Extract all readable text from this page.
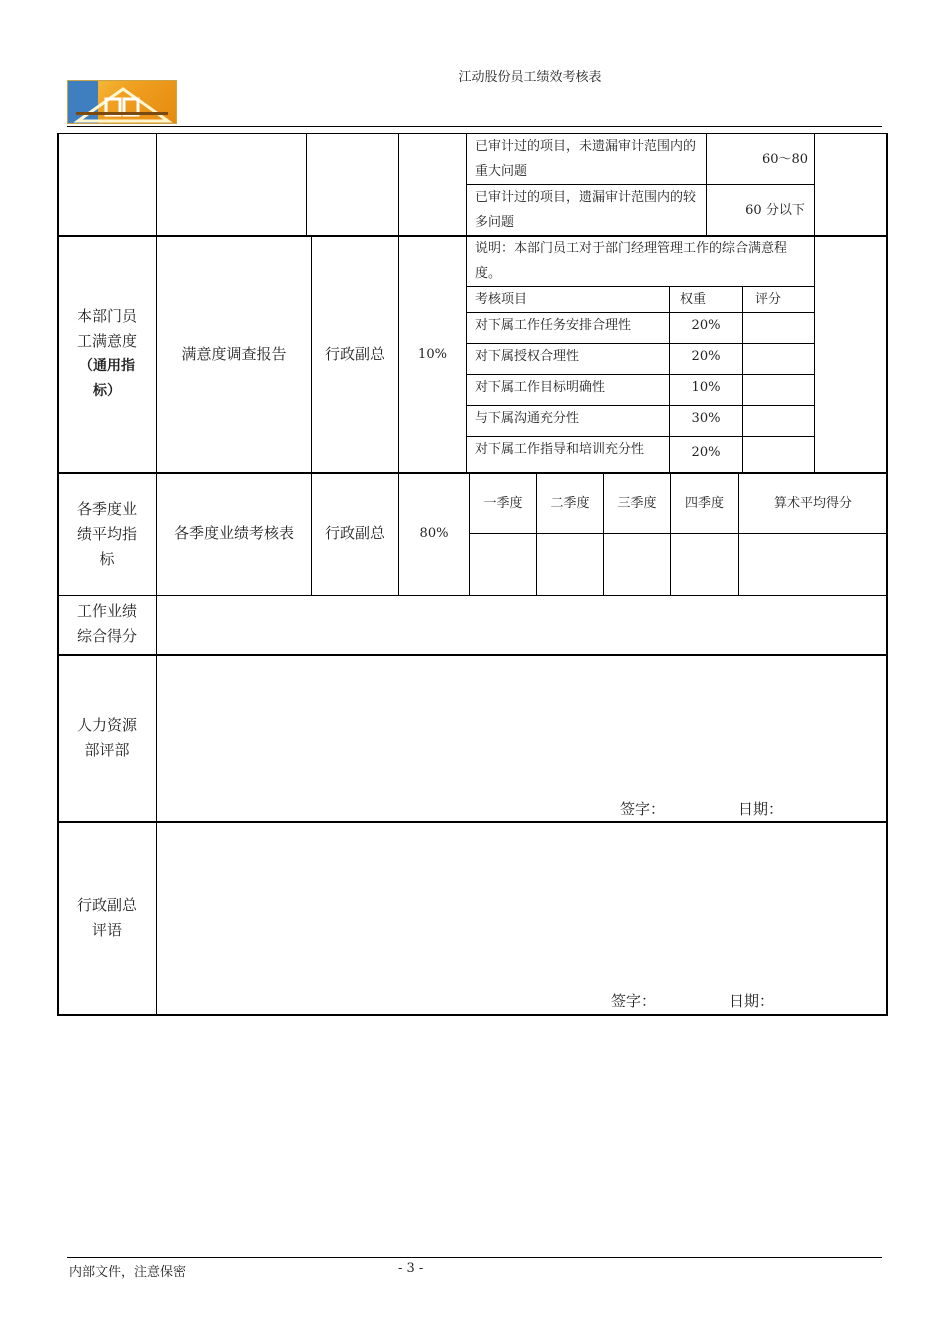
江动股份员工绩效考核表
已审计过的项目，未遗漏审计范围内的重大问题
60～80
已审计过的项目，遗漏审计范围内的较多问题
60 分以下
本部门员
工满意度
（通用指
标）
满意度调查报告	行政副总	10%
说明：本部门员工对于部门经理管理工作的综合满意程度。
考核项目	权重	评分
对下属工作任务安排合理性	20%
对下属授权合理性	20%
对下属工作目标明确性	10%
与下属沟通充分性	30%
对下属工作指导和培训充分性	20%
各季度业
绩平均指
标
各季度业绩考核表	行政副总	80%
一季度	二季度	三季度	四季度	算术平均得分
工作业绩
综合得分
人力资源
部评部
签字：	日期：
行政副总
评语
签字：	日期：
内部文件，注意保密	- 3 -
